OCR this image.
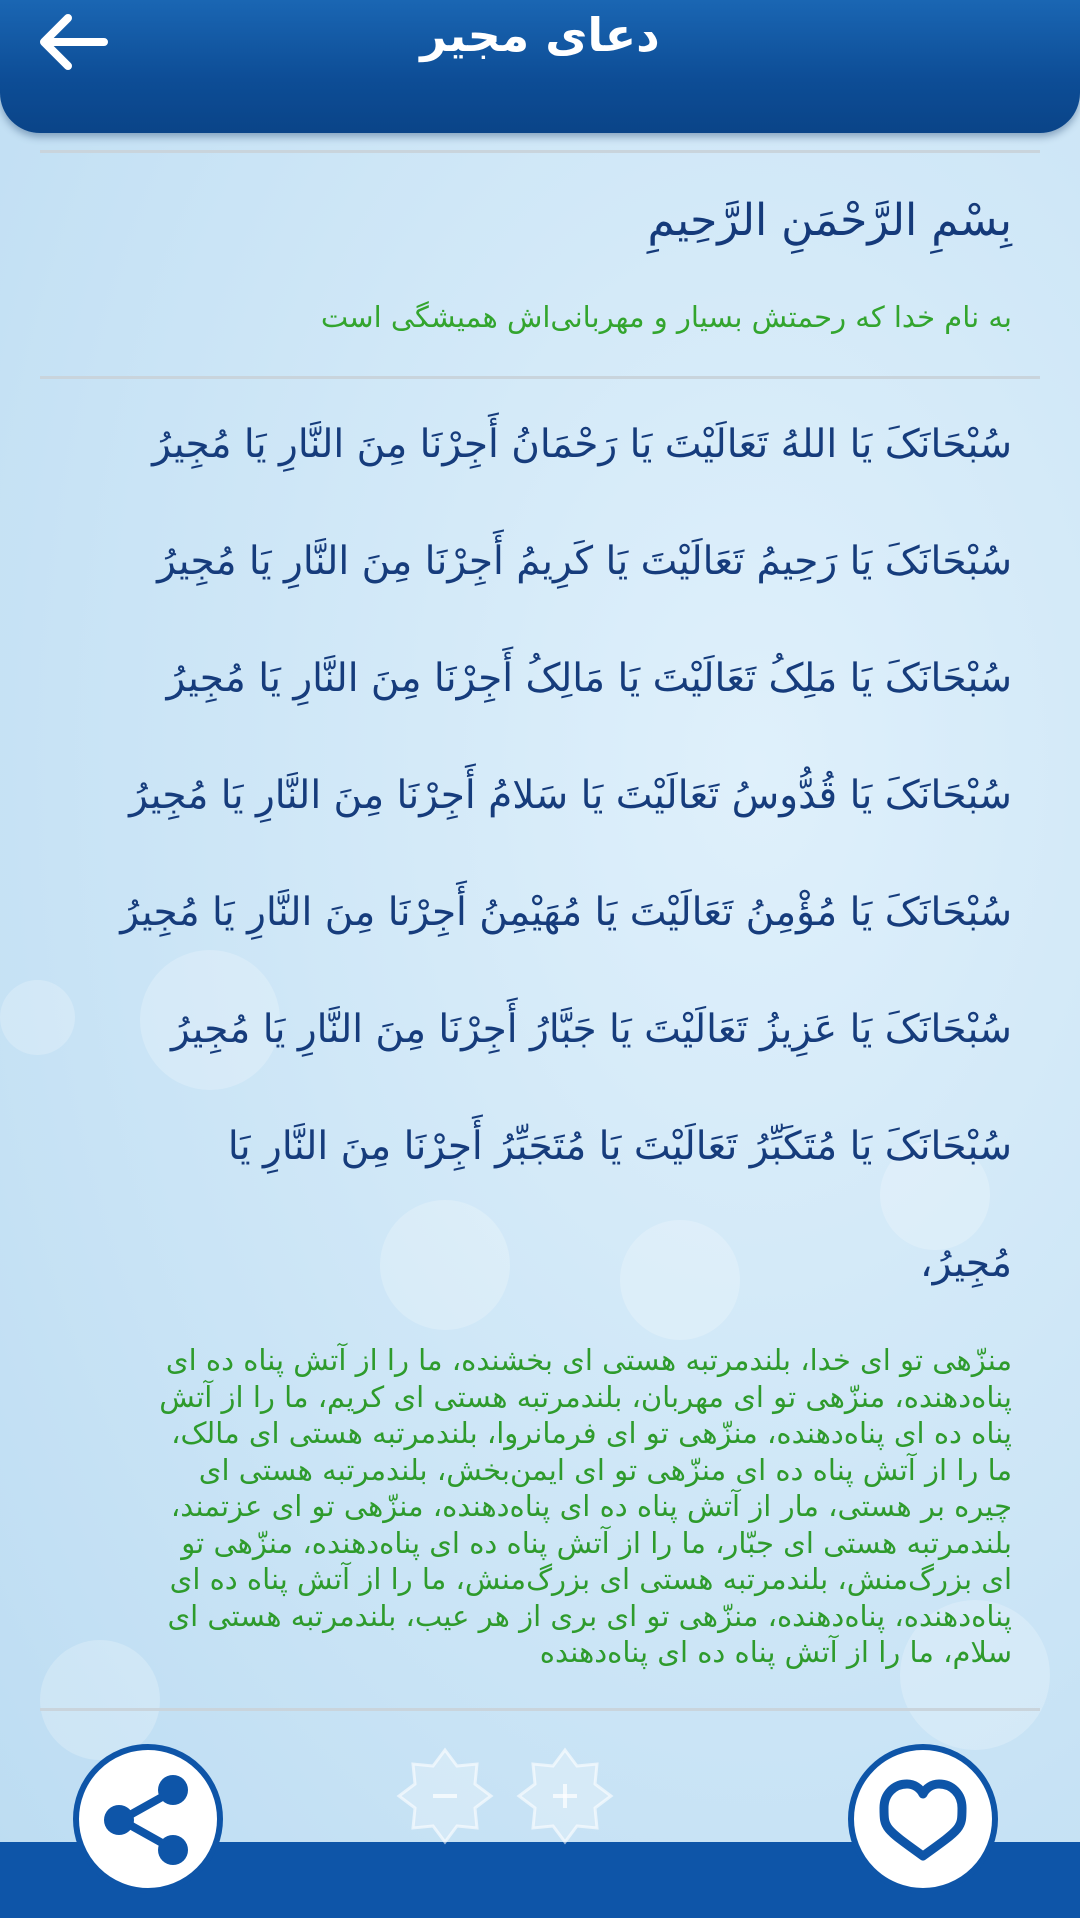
دعای مجیر
بِسْمِ الرَّحْمَنِ الرَّحِيمِ
به نام خدا که رحمتش بسیار و مهربانی‌اش همیشگی است
سُبْحَانَکَ يَا اللهُ تَعَالَيْتَ يَا رَحْمَانُ أَجِرْنَا مِنَ النَّارِ يَا مُجِيرُ
سُبْحَانَکَ يَا رَحِيمُ تَعَالَيْتَ يَا كَرِيمُ أَجِرْنَا مِنَ النَّارِ يَا مُجِيرُ
سُبْحَانَکَ يَا مَلِکُ تَعَالَيْتَ يَا مَالِکُ أَجِرْنَا مِنَ النَّارِ يَا مُجِيرُ
سُبْحَانَکَ يَا قُدُّوسُ تَعَالَيْتَ يَا سَلامُ أَجِرْنَا مِنَ النَّارِ يَا مُجِيرُ
سُبْحَانَکَ يَا مُؤْمِنُ تَعَالَيْتَ يَا مُهَيْمِنُ أَجِرْنَا مِنَ النَّارِ يَا مُجِيرُ
سُبْحَانَکَ يَا عَزِيزُ تَعَالَيْتَ يَا جَبَّارُ أَجِرْنَا مِنَ النَّارِ يَا مُجِيرُ
سُبْحَانَکَ يَا مُتَكَبِّرُ تَعَالَيْتَ يَا مُتَجَبِّرُ أَجِرْنَا مِنَ النَّارِ يَا
مُجِيرُ،
منزّهی تو ای خدا، بلندمرتبه هستی ای بخشنده، ما را از آتش پناه ده ای
پناه‌دهنده، منزّهی تو ای مهربان، بلندمرتبه هستی ای کریم، ما را از آتش
پناه ده ای پناه‌دهنده، منزّهی تو ای فرمانروا، بلندمرتبه هستی ای مالک،
ما را از آتش پناه ده ای منزّهی تو ای ایمن‌بخش، بلندمرتبه هستی ای
چیره بر هستی، مار از آتش پناه ده ای پناه‌دهنده، منزّهی تو ای عزتمند،
بلندمرتبه هستی ای جبّار، ما را از آتش پناه ده ای پناه‌دهنده، منزّهی تو
ای بزرگ‌منش، بلندمرتبه هستی ای بزرگ‌منش، ما را از آتش پناه ده ای
پناه‌دهنده، پناه‌دهنده، منزّهی تو ای بری از هر عیب، بلندمرتبه هستی ای
سلام، ما را از آتش پناه ده ای پناه‌دهنده
